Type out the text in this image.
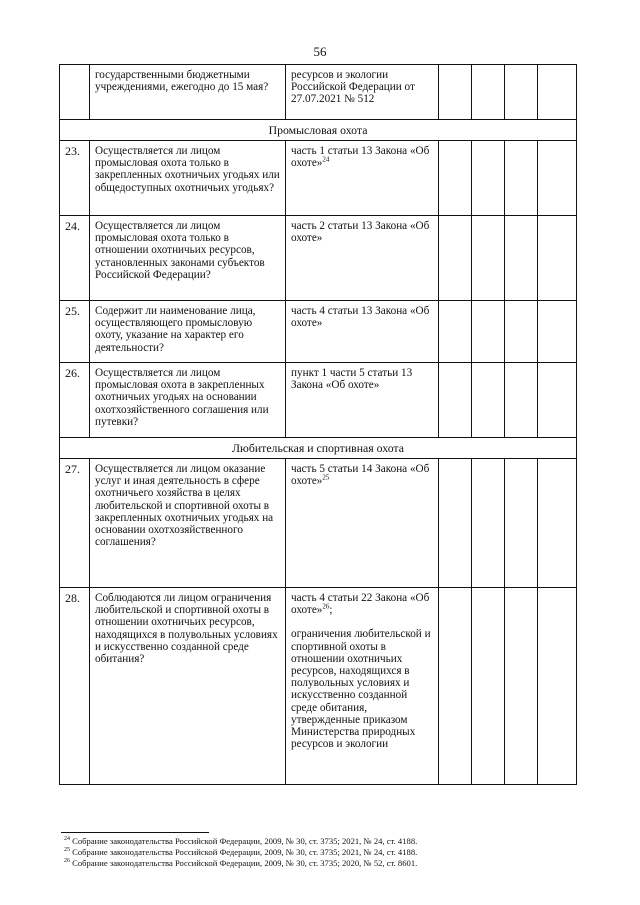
56
	государственными бюджетными учреждениями, ежегодно до 15 мая?	ресурсов и экологии Российской Федерации от 27.07.2021 № 512				
Промысловая охота						
23.	Осуществляется ли лицом промысловая охота только в закрепленных охотничьих угодьях или общедоступных охотничьих угодьях?	часть 1 статьи 13 Закона «Об охоте»$^{24}$

24.	Осуществляется ли лицом промысловая охота только в отношении охотничьих ресурсов, установленных законами субъектов Российской Федерации?	часть 2 статьи 13 Закона «Об охоте»				

25.	Содержит ли наименование лица, осуществляющего промысловую охоту, указание на характер его деятельности?	часть 4 статьи 13 Закона «Об охоте»				

26.	Осуществляется ли лицом промысловая охота в закрепленных охотничьих угодьях на основании охотхозяйственного соглашения или путевки?	пункт 1 части 5 статьи 13 Закона «Об охоте»				

Любительская и спортивная охота						
27.	Осуществляется ли лицом оказание услуг и иная деятельность в сфере охотничьего хозяйства в целях любительской и спортивной охоты в закрепленных охотничьих угодьях на основании охотхозяйственного соглашения?	часть 5 статьи 14 Закона «Об охоте»$^{25}$

28.	Соблюдаются ли лицом ограничения любительской и спортивной охоты в отношении охотничьих ресурсов, находящихся в полувольных условиях и искусственно созданной среде обитания?	часть 4 статьи 22 Закона «Об охоте»$^{26}$;
ограничения любительской и спортивной охоты в отношении охотничьих ресурсов, находящихся в полувольных условиях и искусственно созданной среде обитания, утвержденные приказом Министерства природных ресурсов и экологии				

$^{24}$ Собрание законодательства Российской Федерации, 2009, № 30, ст. 3735; 2021, № 24, ст. 4188.
$^{25}$ Собрание законодательства Российской Федерации, 2009, № 30, ст. 3735; 2021, № 24, ст. 4188.
$^{26}$ Собрание законодательства Российской Федерации, 2009, № 30, ст. 3735; 2020, № 52, ст. 8601.
